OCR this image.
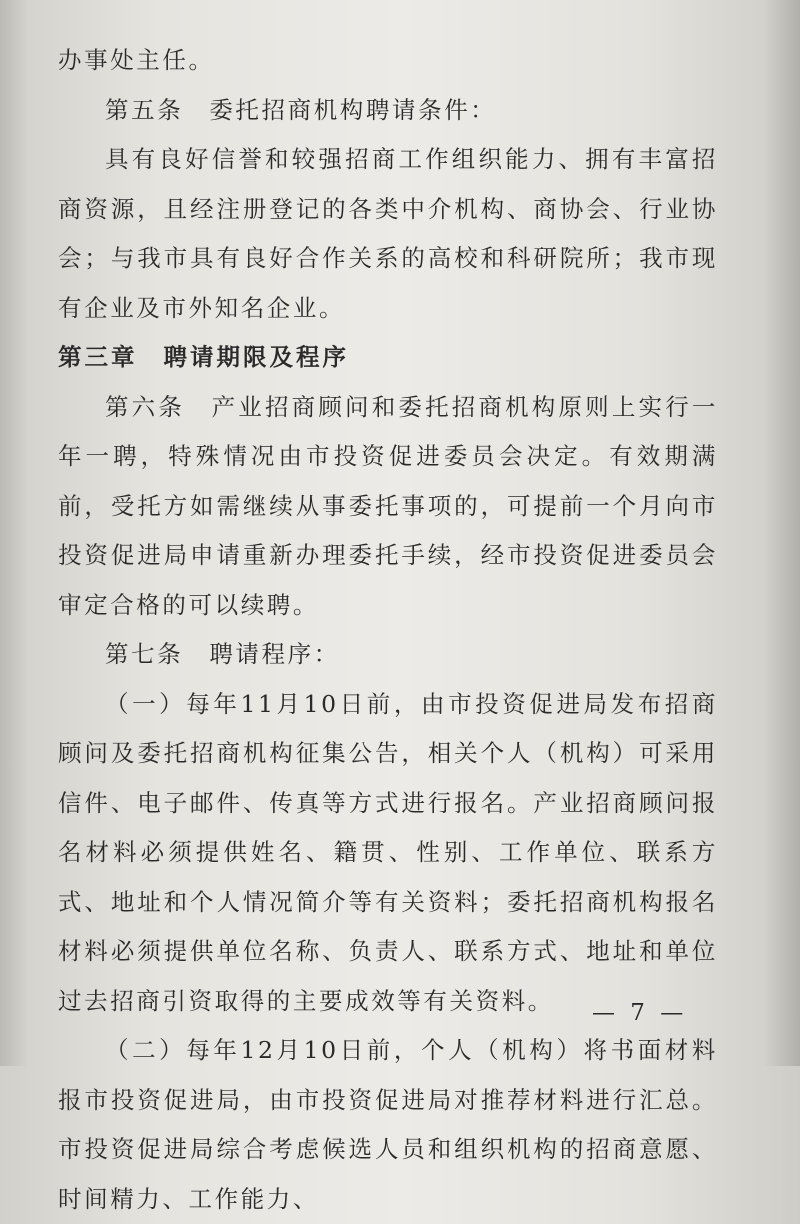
办事处主任。

第五条 委托招商机构聘请条件：

具有良好信誉和较强招商工作组织能力、拥有丰富招商资源，且经注册登记的各类中介机构、商协会、行业协会；与我市具有良好合作关系的高校和科研院所；我市现有企业及市外知名企业。

第三章 聘请期限及程序

第六条 产业招商顾问和委托招商机构原则上实行一年一聘，特殊情况由市投资促进委员会决定。有效期满前，受托方如需继续从事委托事项的，可提前一个月向市投资促进局申请重新办理委托手续，经市投资促进委员会审定合格的可以续聘。

第七条 聘请程序：

（一）每年11月10日前，由市投资促进局发布招商顾问及委托招商机构征集公告，相关个人（机构）可采用信件、电子邮件、传真等方式进行报名。产业招商顾问报名材料必须提供姓名、籍贯、性别、工作单位、联系方式、地址和个人情况简介等有关资料；委托招商机构报名材料必须提供单位名称、负责人、联系方式、地址和单位过去招商引资取得的主要成效等有关资料。

（二）每年12月10日前，个人（机构）将书面材料报市投资促进局，由市投资促进局对推荐材料进行汇总。市投资促进局综合考虑候选人员和组织机构的招商意愿、时间精力、工作能力、

— 7 —
